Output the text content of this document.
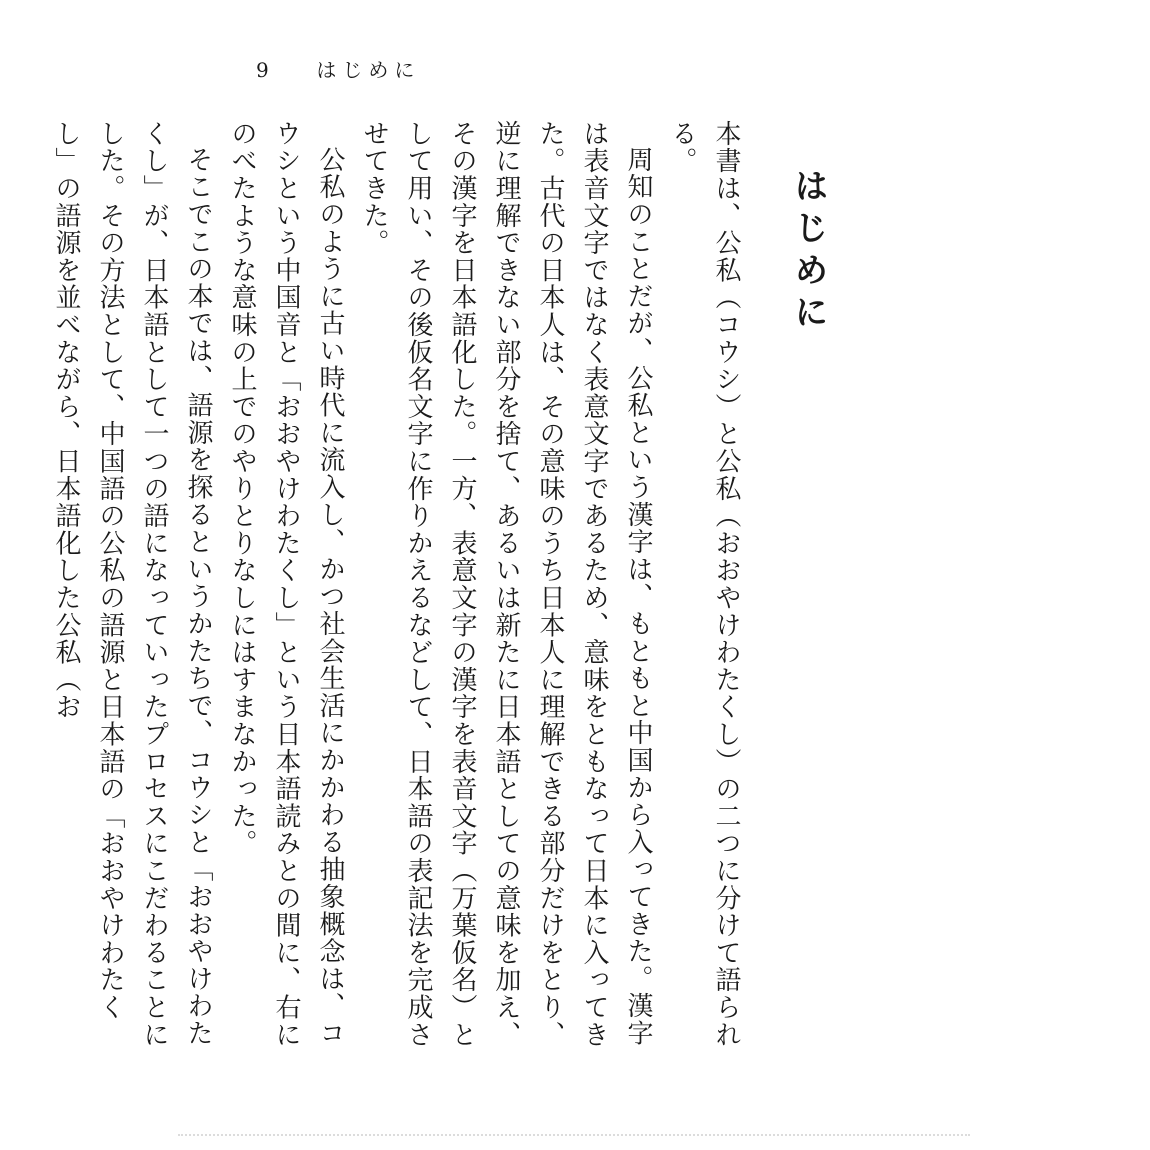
9 はじめに
はじめに

本書は、公私（コウシ）と公私（おおやけわたくし）の二つに分けて語られる。

周知のことだが、公私という漢字は、もともと中国から入ってきた。漢字は表音文字ではなく表意文字であるため、意味をともなって日本に入ってきた。古代の日本人は、その意味のうち日本人に理解できる部分だけをとり、逆に理解できない部分を捨て、あるいは新たに日本語としての意味を加え、その漢字を日本語化した。一方、表意文字の漢字を表音文字（万葉仮名）として用い、その後仮名文字に作りかえるなどして、日本語の表記法を完成させてきた。

公私のように古い時代に流入し、かつ社会生活にかかわる抽象概念は、コウシという中国音と「おおやけわたくし」という日本語読みとの間に、右にのべたような意味の上でのやりとりなしにはすまなかった。

そこでこの本では、語源を探るというかたちで、コウシと「おおやけわたくし」が、日本語として一つの語になっていったプロセスにこだわることにした。その方法として、中国語の公私の語源と日本語の「おおやけわたくし」の語源を並べながら、日本語化した公私（お
